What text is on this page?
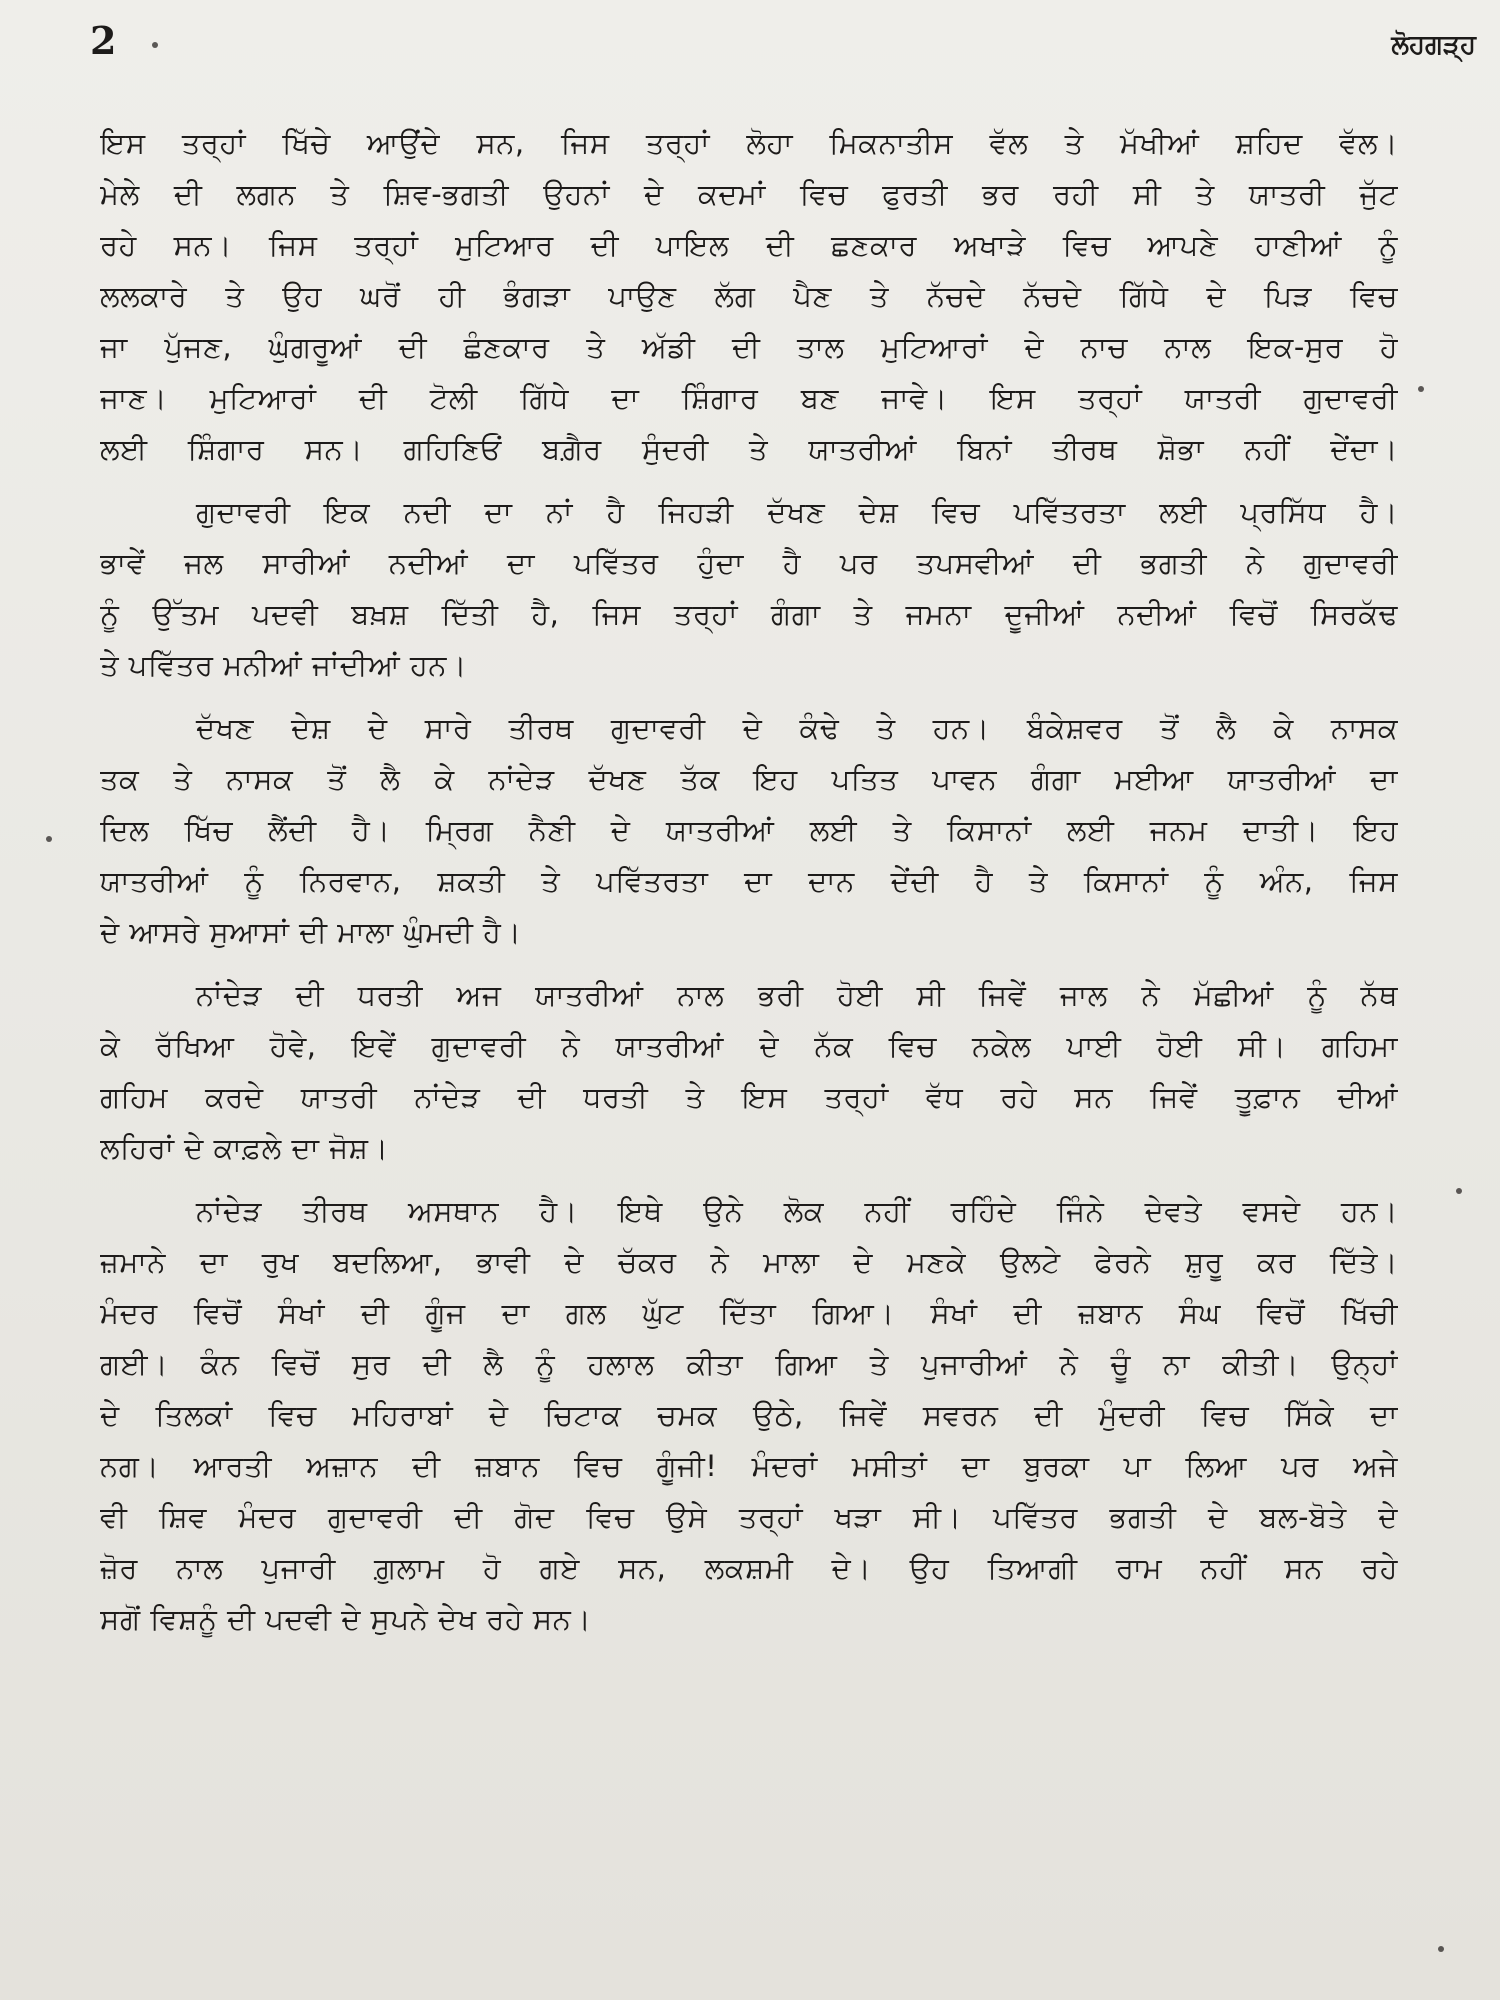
2	ਲੋਹਗੜ੍ਹ
ਇਸ ਤਰ੍ਹਾਂ ਖਿੱਚੇ ਆਉਂਦੇ ਸਨ, ਜਿਸ ਤਰ੍ਹਾਂ ਲੋਹਾ ਮਿਕਨਾਤੀਸ ਵੱਲ ਤੇ ਮੱਖੀਆਂ ਸ਼ਹਿਦ ਵੱਲ।
ਮੇਲੇ ਦੀ ਲਗਨ ਤੇ ਸ਼ਿਵ-ਭਗਤੀ ਉਹਨਾਂ ਦੇ ਕਦਮਾਂ ਵਿਚ ਫੁਰਤੀ ਭਰ ਰਹੀ ਸੀ ਤੇ ਯਾਤਰੀ ਜੁੱਟ
ਰਹੇ ਸਨ। ਜਿਸ ਤਰ੍ਹਾਂ ਮੁਟਿਆਰ ਦੀ ਪਾਇਲ ਦੀ ਛਣਕਾਰ ਅਖਾੜੇ ਵਿਚ ਆਪਣੇ ਹਾਣੀਆਂ ਨੂੰ
ਲਲਕਾਰੇ ਤੇ ਉਹ ਘਰੋਂ ਹੀ ਭੰਗੜਾ ਪਾਉਣ ਲੱਗ ਪੈਣ ਤੇ ਨੱਚਦੇ ਨੱਚਦੇ ਗਿੱਧੇ ਦੇ ਪਿੜ ਵਿਚ
ਜਾ ਪੁੱਜਣ, ਘੁੰਗਰੂਆਂ ਦੀ ਛੰਣਕਾਰ ਤੇ ਅੱਡੀ ਦੀ ਤਾਲ ਮੁਟਿਆਰਾਂ ਦੇ ਨਾਚ ਨਾਲ ਇਕ-ਸੁਰ ਹੋ
ਜਾਣ। ਮੁਟਿਆਰਾਂ ਦੀ ਟੋਲੀ ਗਿੱਧੇ ਦਾ ਸ਼ਿੰਗਾਰ ਬਣ ਜਾਵੇ। ਇਸ ਤਰ੍ਹਾਂ ਯਾਤਰੀ ਗੁਦਾਵਰੀ
ਲਈ ਸ਼ਿੰਗਾਰ ਸਨ। ਗਹਿਣਿਓਂ ਬਗ਼ੈਰ ਸੁੰਦਰੀ ਤੇ ਯਾਤਰੀਆਂ ਬਿਨਾਂ ਤੀਰਥ ਸ਼ੋਭਾ ਨਹੀਂ ਦੇਂਦਾ।
ਗੁਦਾਵਰੀ ਇਕ ਨਦੀ ਦਾ ਨਾਂ ਹੈ ਜਿਹੜੀ ਦੱਖਣ ਦੇਸ਼ ਵਿਚ ਪਵਿੱਤਰਤਾ ਲਈ ਪ੍ਰਸਿੱਧ ਹੈ।
ਭਾਵੇਂ ਜਲ ਸਾਰੀਆਂ ਨਦੀਆਂ ਦਾ ਪਵਿੱਤਰ ਹੁੰਦਾ ਹੈ ਪਰ ਤਪਸਵੀਆਂ ਦੀ ਭਗਤੀ ਨੇ ਗੁਦਾਵਰੀ
ਨੂੰ ਉੱਤਮ ਪਦਵੀ ਬਖ਼ਸ਼ ਦਿੱਤੀ ਹੈ, ਜਿਸ ਤਰ੍ਹਾਂ ਗੰਗਾ ਤੇ ਜਮਨਾ ਦੂਜੀਆਂ ਨਦੀਆਂ ਵਿਚੋਂ ਸਿਰਕੱਢ
ਤੇ ਪਵਿੱਤਰ ਮਨੀਆਂ ਜਾਂਦੀਆਂ ਹਨ।
ਦੱਖਣ ਦੇਸ਼ ਦੇ ਸਾਰੇ ਤੀਰਥ ਗੁਦਾਵਰੀ ਦੇ ਕੰਢੇ ਤੇ ਹਨ। ਬੰਕੇਸ਼ਵਰ ਤੋਂ ਲੈ ਕੇ ਨਾਸਕ
ਤਕ ਤੇ ਨਾਸਕ ਤੋਂ ਲੈ ਕੇ ਨਾਂਦੇੜ ਦੱਖਣ ਤੱਕ ਇਹ ਪਤਿਤ ਪਾਵਨ ਗੰਗਾ ਮਈਆ ਯਾਤਰੀਆਂ ਦਾ
ਦਿਲ ਖਿੱਚ ਲੈਂਦੀ ਹੈ। ਮ੍ਰਿਗ ਨੈਣੀ ਦੇ ਯਾਤਰੀਆਂ ਲਈ ਤੇ ਕਿਸਾਨਾਂ ਲਈ ਜਨਮ ਦਾਤੀ। ਇਹ
ਯਾਤਰੀਆਂ ਨੂੰ ਨਿਰਵਾਨ, ਸ਼ਕਤੀ ਤੇ ਪਵਿੱਤਰਤਾ ਦਾ ਦਾਨ ਦੇਂਦੀ ਹੈ ਤੇ ਕਿਸਾਨਾਂ ਨੂੰ ਅੰਨ, ਜਿਸ
ਦੇ ਆਸਰੇ ਸੁਆਸਾਂ ਦੀ ਮਾਲਾ ਘੁੰਮਦੀ ਹੈ।
ਨਾਂਦੇੜ ਦੀ ਧਰਤੀ ਅਜ ਯਾਤਰੀਆਂ ਨਾਲ ਭਰੀ ਹੋਈ ਸੀ ਜਿਵੇਂ ਜਾਲ ਨੇ ਮੱਛੀਆਂ ਨੂੰ ਨੱਥ
ਕੇ ਰੱਖਿਆ ਹੋਵੇ, ਇਵੇਂ ਗੁਦਾਵਰੀ ਨੇ ਯਾਤਰੀਆਂ ਦੇ ਨੱਕ ਵਿਚ ਨਕੇਲ ਪਾਈ ਹੋਈ ਸੀ। ਗਹਿਮਾ
ਗਹਿਮ ਕਰਦੇ ਯਾਤਰੀ ਨਾਂਦੇੜ ਦੀ ਧਰਤੀ ਤੇ ਇਸ ਤਰ੍ਹਾਂ ਵੱਧ ਰਹੇ ਸਨ ਜਿਵੇਂ ਤੂਫ਼ਾਨ ਦੀਆਂ
ਲਹਿਰਾਂ ਦੇ ਕਾਫ਼ਲੇ ਦਾ ਜੋਸ਼।
ਨਾਂਦੇੜ ਤੀਰਥ ਅਸਥਾਨ ਹੈ। ਇਥੇ ਉਨੇ ਲੋਕ ਨਹੀਂ ਰਹਿੰਦੇ ਜਿੰਨੇ ਦੇਵਤੇ ਵਸਦੇ ਹਨ।
ਜ਼ਮਾਨੇ ਦਾ ਰੁਖ ਬਦਲਿਆ, ਭਾਵੀ ਦੇ ਚੱਕਰ ਨੇ ਮਾਲਾ ਦੇ ਮਣਕੇ ਉਲਟੇ ਫੇਰਨੇ ਸ਼ੁਰੂ ਕਰ ਦਿੱਤੇ।
ਮੰਦਰ ਵਿਚੋਂ ਸੰਖਾਂ ਦੀ ਗੂੰਜ ਦਾ ਗਲ ਘੁੱਟ ਦਿੱਤਾ ਗਿਆ। ਸੰਖਾਂ ਦੀ ਜ਼ਬਾਨ ਸੰਘ ਵਿਚੋਂ ਖਿੱਚੀ
ਗਈ। ਕੰਨ ਵਿਚੋਂ ਸੁਰ ਦੀ ਲੈ ਨੂੰ ਹਲਾਲ ਕੀਤਾ ਗਿਆ ਤੇ ਪੁਜਾਰੀਆਂ ਨੇ ਚੂੰ ਨਾ ਕੀਤੀ। ਉਨ੍ਹਾਂ
ਦੇ ਤਿਲਕਾਂ ਵਿਚ ਮਹਿਰਾਬਾਂ ਦੇ ਚਿਟਾਕ ਚਮਕ ਉਠੇ, ਜਿਵੇਂ ਸਵਰਨ ਦੀ ਮੁੰਦਰੀ ਵਿਚ ਸਿੱਕੇ ਦਾ
ਨਗ। ਆਰਤੀ ਅਜ਼ਾਨ ਦੀ ਜ਼ਬਾਨ ਵਿਚ ਗੂੰਜੀ! ਮੰਦਰਾਂ ਮਸੀਤਾਂ ਦਾ ਬੁਰਕਾ ਪਾ ਲਿਆ ਪਰ ਅਜੇ
ਵੀ ਸ਼ਿਵ ਮੰਦਰ ਗੁਦਾਵਰੀ ਦੀ ਗੋਦ ਵਿਚ ਉਸੇ ਤਰ੍ਹਾਂ ਖੜਾ ਸੀ। ਪਵਿੱਤਰ ਭਗਤੀ ਦੇ ਬਲ-ਬੋਤੇ ਦੇ
ਜ਼ੋਰ ਨਾਲ ਪੁਜਾਰੀ ਗ਼ੁਲਾਮ ਹੋ ਗਏ ਸਨ, ਲਕਸ਼ਮੀ ਦੇ। ਉਹ ਤਿਆਗੀ ਰਾਮ ਨਹੀਂ ਸਨ ਰਹੇ
ਸਗੋਂ ਵਿਸ਼ਨੂੰ ਦੀ ਪਦਵੀ ਦੇ ਸੁਪਨੇ ਦੇਖ ਰਹੇ ਸਨ।
